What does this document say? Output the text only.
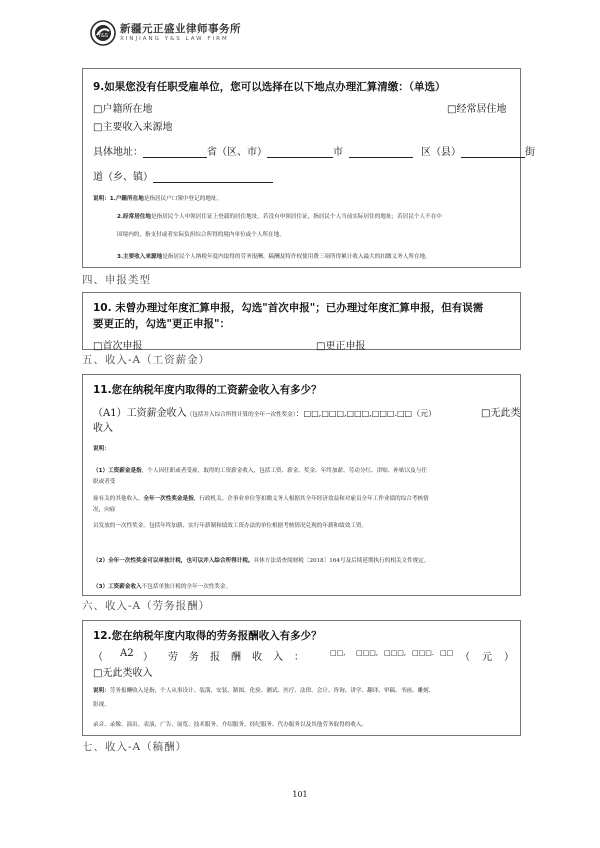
Y&S
新疆元正盛业律师事务所
XINJIANG Y&S LAW FIRM
9.如果您没有任职受雇单位，您可以选择在以下地点办理汇算清缴：（单选）
□户籍所在地	□经常居住地
□主要收入来源地
具体地址：	省（区、市）	市	区（县）	街
道（乡、镇）
说明：1.户籍所在地是指居民户口簿中登记的地址。
2.经常居住地是指居民个人申领居住证上登载的居住地址，若没有申领居住证，指居民个人当前实际居住的地址；若居民个人不在中
国境内的，指支付或者实际负担综合所得的境内单位或个人所在地。
3.主要收入来源地是指居民个人纳税年度内取得的劳务报酬、稿酬及特许权使用费三项所得累计收入最大的扣缴义务人所在地。
四、申报类型
10. 未曾办理过年度汇算申报，勾选"首次申报"；已办理过年度汇算申报，但有误需
要更正的，勾选"更正申报"：
□首次申报	□更正申报
五、收入-A（工资薪金）
11.您在纳税年度内取得的工资薪金收入有多少？
（A1）工资薪金收入（包括并入综合所得计算的全年一次性奖金）：□□,□□□,□□□,□□□.□□（元）	□无此类
收入
说明：
（1）工资薪金是指，个人因任职或者受雇，取得的工资薪金收入，包括工资、薪金、奖金、年终加薪、劳动分红、津贴、补贴以及与任
职或者受
雇有关的其他收入。全年一次性奖金是指，行政机关、企事业单位等扣缴义务人根据其全年经济效益和对雇员全年工作业绩的综合考核情
况，向雇
员发放的一次性奖金。包括年终加薪、实行年薪制和绩效工资办法的单位根据考核情况兑现的年薪和绩效工资。
（2）全年一次性奖金可以单独计税，也可以并入综合所得计税。具体方法请查阅财税〔2018〕164号及后续延期执行的相关文件规定。
（3）工资薪金收入不包括单独计税的全年一次性奖金。
六、收入-A（劳务报酬）
12.您在纳税年度内取得的劳务报酬收入有多少？
（ A2 ） 劳务报酬收入： □□, □□□, □□□, □□□. □□ （ 元 ）
□无此类收入
说明：劳务报酬收入是指，个人从事设计、装潢、安装、制图、化验、测试、医疗、法律、会计、咨询、讲学、翻译、审稿、书画、雕刻、
影视、
录音、录像、演出、表演、广告、展览、技术服务、介绍服务、经纪服务、代办服务以及其他劳务取得的收入。
七、收入-A（稿酬）
101
